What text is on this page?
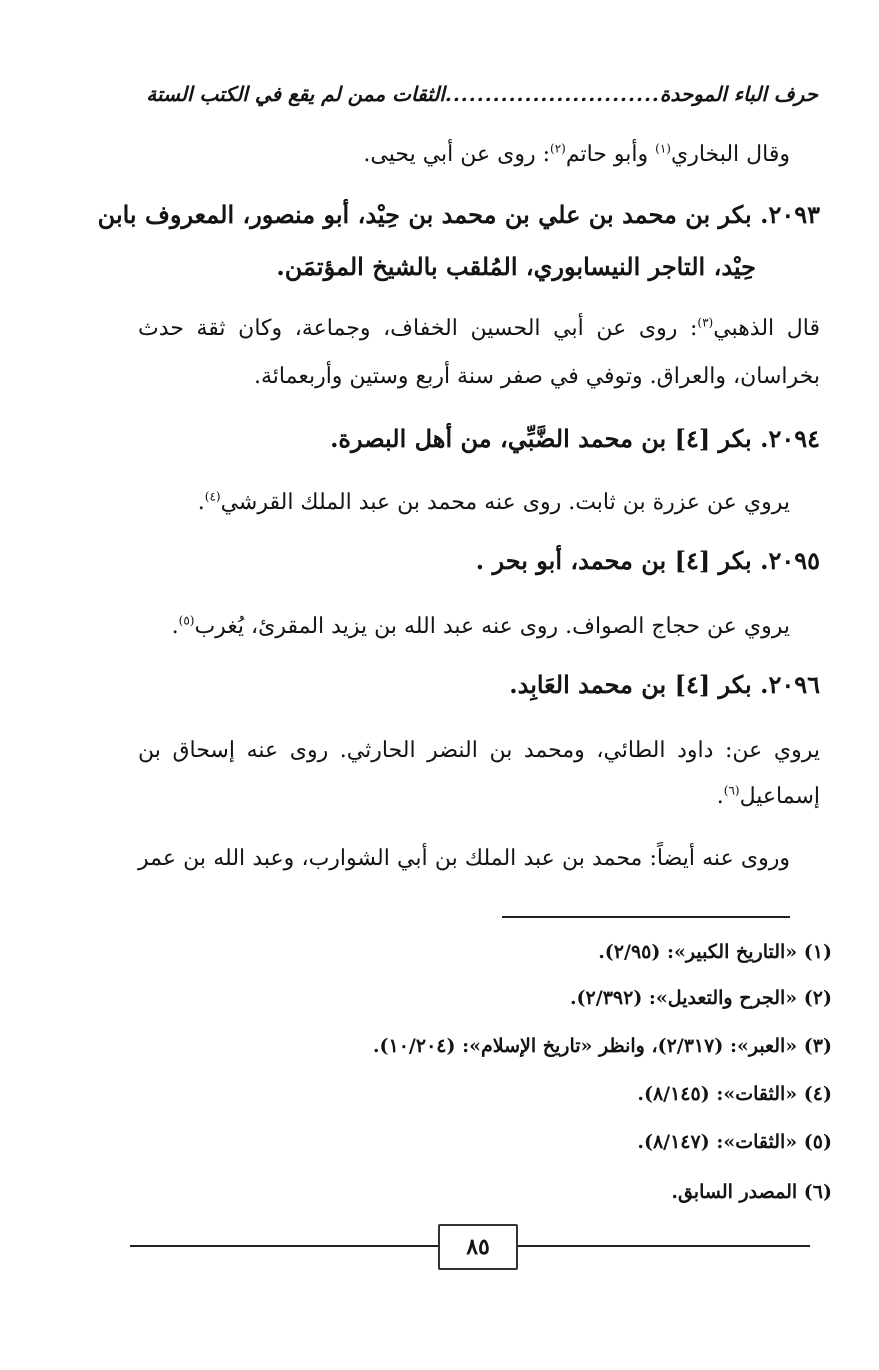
حرف الباء الموحدة
...........................
الثقات ممن لم يقع في الكتب الستة
وقال البخاري$^{(١)}$ وأبو حاتم$^{(٢)}$: روى عن أبي يحيى.
٢٠٩٣. بكر بن محمد بن علي بن محمد بن حِيْد، أبو منصور، المعروف بابن
حِيْد، التاجر النيسابوري، المُلقب بالشيخ المؤتمَن.
قال الذهبي$^{(٣)}$: روى عن أبي الحسين الخفاف، وجماعة، وكان ثقة حدث
بخراسان، والعراق. وتوفي في صفر سنة أربع وستين وأربعمائة.
٢٠٩٤. بكر [٤] بن محمد الضَّبِّي، من أهل البصرة.
يروي عن عزرة بن ثابت. روى عنه محمد بن عبد الملك القرشي$^{(٤)}$.
٢٠٩٥. بكر [٤] بن محمد، أبو بحر .
يروي عن حجاج الصواف. روى عنه عبد الله بن يزيد المقرئ، يُغرب$^{(٥)}$.
٢٠٩٦. بكر [٤] بن محمد العَابِد.
يروي عن: داود الطائي، ومحمد بن النضر الحارثي. روى عنه إسحاق بن
إسماعيل$^{(٦)}$.
وروى عنه أيضاً: محمد بن عبد الملك بن أبي الشوارب، وعبد الله بن عمر
(١) «التاريخ الكبير»: (٢/٩٥).
(٢) «الجرح والتعديل»: (٢/٣٩٢).
(٣) «العبر»: (٢/٣١٧)، وانظر «تاريخ الإسلام»: (١٠/٢٠٤).
(٤) «الثقات»: (٨/١٤٥).
(٥) «الثقات»: (٨/١٤٧).
(٦) المصدر السابق.
٨٥
